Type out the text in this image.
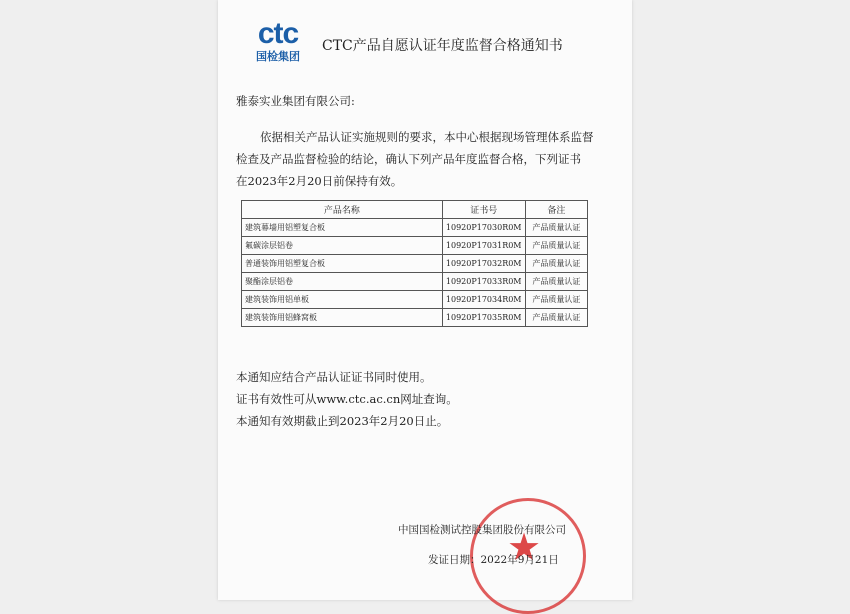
ctc
国检集团
CTC产品自愿认证年度监督合格通知书
雅泰实业集团有限公司:
依据相关产品认证实施规则的要求，本中心根据现场管理体系监督
检查及产品监督检验的结论，确认下列产品年度监督合格，下列证书
在2023年2月20日前保持有效。
产品名称	证书号	备注
建筑幕墙用铝塑复合板	10920P17030R0M	产品质量认证
氟碳涂层铝卷	10920P17031R0M	产品质量认证
普通装饰用铝塑复合板	10920P17032R0M	产品质量认证
聚酯涂层铝卷	10920P17033R0M	产品质量认证
建筑装饰用铝单板	10920P17034R0M	产品质量认证
建筑装饰用铝蜂窝板	10920P17035R0M	产品质量认证
本通知应结合产品认证证书同时使用。
证书有效性可从www.ctc.ac.cn网址查询。
本通知有效期截止到2023年2月20日止。
★
中国国检测试控股集团股份有限公司
发证日期：2022年9月21日
